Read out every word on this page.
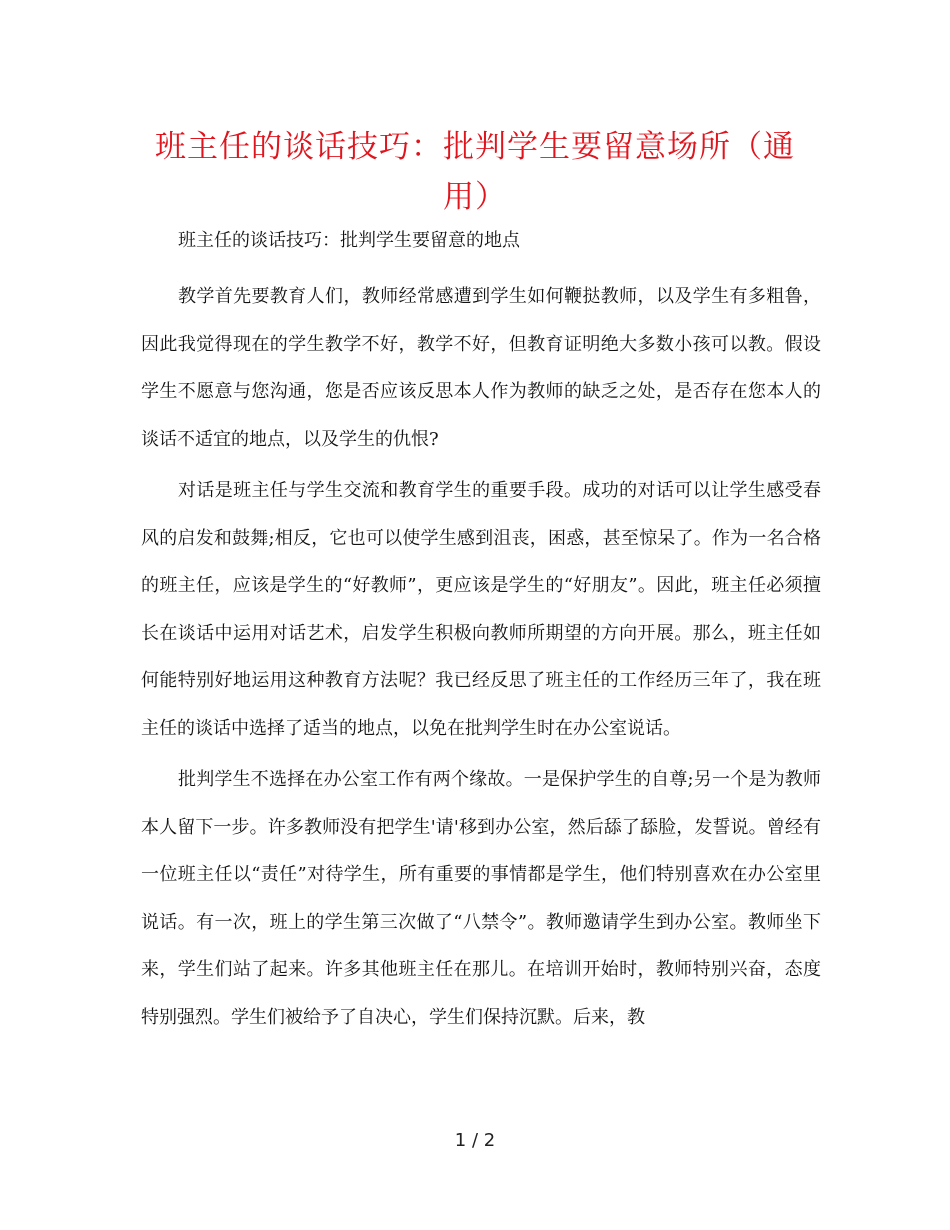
班主任的谈话技巧：批判学生要留意场所（通用）
班主任的谈话技巧：批判学生要留意的地点

教学首先要教育人们，教师经常感遭到学生如何鞭挞教师，以及学生有多粗鲁，因此我觉得现在的学生教学不好，教学不好，但教育证明绝大多数小孩可以教。假设学生不愿意与您沟通，您是否应该反思本人作为教师的缺乏之处，是否存在您本人的谈话不适宜的地点，以及学生的仇恨?

对话是班主任与学生交流和教育学生的重要手段。成功的对话可以让学生感受春风的启发和鼓舞;相反，它也可以使学生感到沮丧，困惑，甚至惊呆了。作为一名合格的班主任，应该是学生的“好教师”，更应该是学生的“好朋友”。因此，班主任必须擅长在谈话中运用对话艺术，启发学生积极向教师所期望的方向开展。那么，班主任如何能特别好地运用这种教育方法呢？我已经反思了班主任的工作经历三年了，我在班主任的谈话中选择了适当的地点，以免在批判学生时在办公室说话。

批判学生不选择在办公室工作有两个缘故。一是保护学生的自尊;另一个是为教师本人留下一步。许多教师没有把学生'请'移到办公室，然后舔了舔脸，发誓说。曾经有一位班主任以“责任”对待学生，所有重要的事情都是学生，他们特别喜欢在办公室里说话。有一次，班上的学生第三次做了“八禁令”。教师邀请学生到办公室。教师坐下来，学生们站了起来。许多其他班主任在那儿。在培训开始时，教师特别兴奋，态度特别强烈。学生们被给予了自决心，学生们保持沉默。后来，教

1 / 2
